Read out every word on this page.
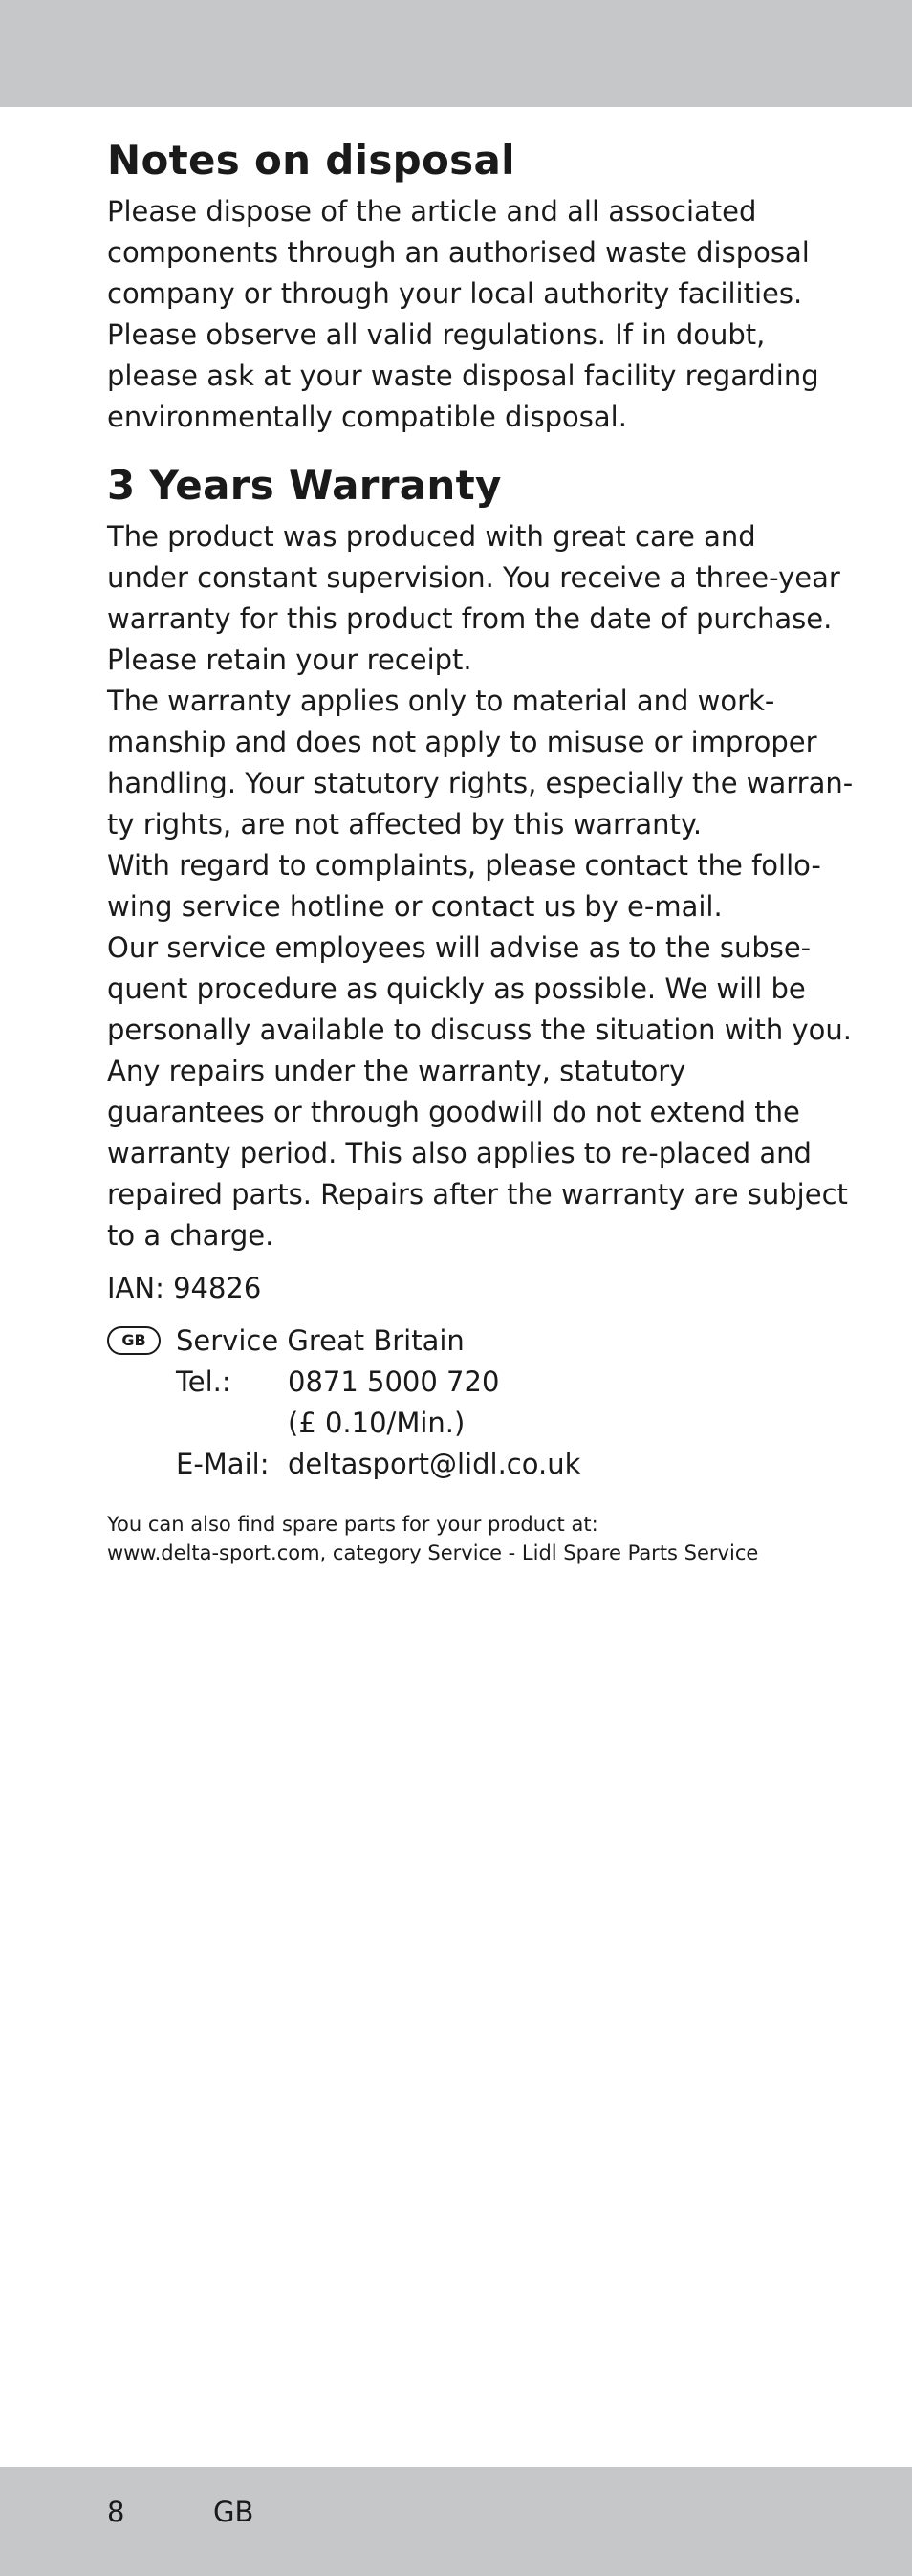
Notes on disposal
Please dispose of the article and all associated
components through an authorised waste disposal
company or through your local authority facilities.
Please observe all valid regulations. If in doubt,
please ask at your waste disposal facility regarding
environmentally compatible disposal.
3 Years Warranty
The product was produced with great care and
under constant supervision. You receive a three-year
warranty for this product from the date of purchase.
Please retain your receipt.
The warranty applies only to material and work-
manship and does not apply to misuse or improper
handling. Your statutory rights, especially the warran-
ty rights, are not affected by this warranty.
With regard to complaints, please contact the follo-
wing service hotline or contact us by e-mail.
Our service employees will advise as to the subse-
quent procedure as quickly as possible. We will be
personally available to discuss the situation with you.
Any repairs under the warranty, statutory
guarantees or through goodwill do not extend the
warranty period. This also applies to re-placed and
repaired parts. Repairs after the warranty are subject
to a charge.

IAN: 94826

GB	Service Great Britain
Tel.:	0871 5000 720
(£ 0.10/Min.)
E-Mail: deltasport@lidl.co.uk
You can also find spare parts for your product at:
www.delta-sport.com, category Service - Lidl Spare Parts Service
8	GB
